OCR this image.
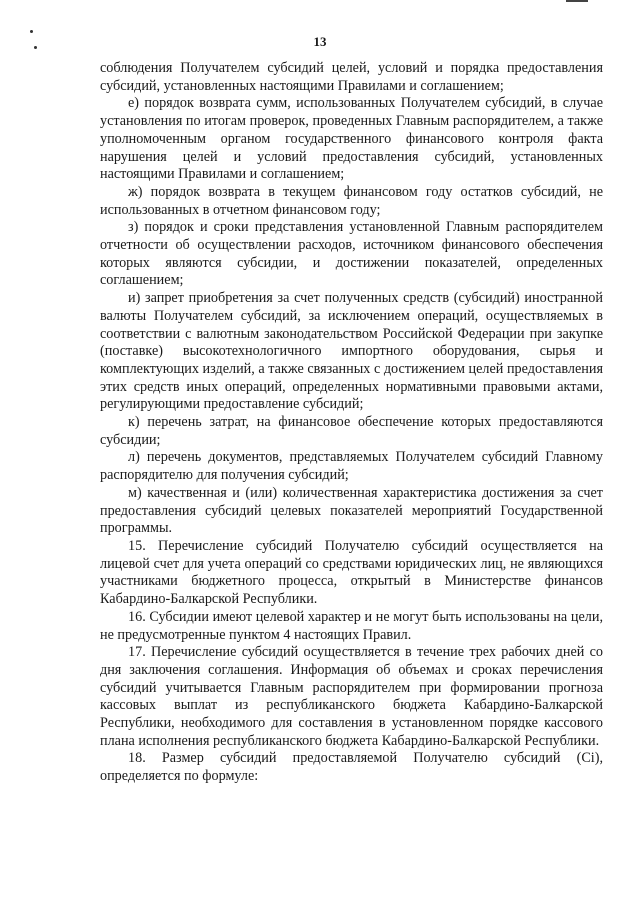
13

соблюдения Получателем субсидий целей, условий и порядка предоставления субсидий, установленных настоящими Правилами и соглашением;

е) порядок возврата сумм, использованных Получателем субсидий, в случае установления по итогам проверок, проведенных Главным распорядителем, а также уполномоченным органом государственного финансового контроля факта нарушения целей и условий предоставления субсидий, установленных настоящими Правилами и соглашением;

ж) порядок возврата в текущем финансовом году остатков субсидий, не использованных в отчетном финансовом году;

з) порядок и сроки представления установленной Главным распорядителем отчетности об осуществлении расходов, источником финансового обеспечения которых являются субсидии, и достижении показателей, определенных соглашением;

и) запрет приобретения за счет полученных средств (субсидий) иностранной валюты Получателем субсидий, за исключением операций, осуществляемых в соответствии с валютным законодательством Российской Федерации при закупке (поставке) высокотехнологичного импортного оборудования, сырья и комплектующих изделий, а также связанных с достижением целей предоставления этих средств иных операций, определенных нормативными правовыми актами, регулирующими предоставление субсидий;

к) перечень затрат, на финансовое обеспечение которых предоставляются субсидии;

л) перечень документов, представляемых Получателем субсидий Главному распорядителю для получения субсидий;

м) качественная и (или) количественная характеристика достижения за счет предоставления субсидий целевых показателей мероприятий Государственной программы.

15. Перечисление субсидий Получателю субсидий осуществляется на лицевой счет для учета операций со средствами юридических лиц, не являющихся участниками бюджетного процесса, открытый в Министерстве финансов Кабардино-Балкарской Республики.

16. Субсидии имеют целевой характер и не могут быть использованы на цели, не предусмотренные пунктом 4 настоящих Правил.

17. Перечисление субсидий осуществляется в течение трех рабочих дней со дня заключения соглашения. Информация об объемах и сроках перечисления субсидий учитывается Главным распорядителем при формировании прогноза кассовых выплат из республиканского бюджета Кабардино-Балкарской Республики, необходимого для составления в установленном порядке кассового плана исполнения республиканского бюджета Кабардино-Балкарской Республики.

18. Размер субсидий предоставляемой Получателю субсидий (Ci), определяется по формуле:
